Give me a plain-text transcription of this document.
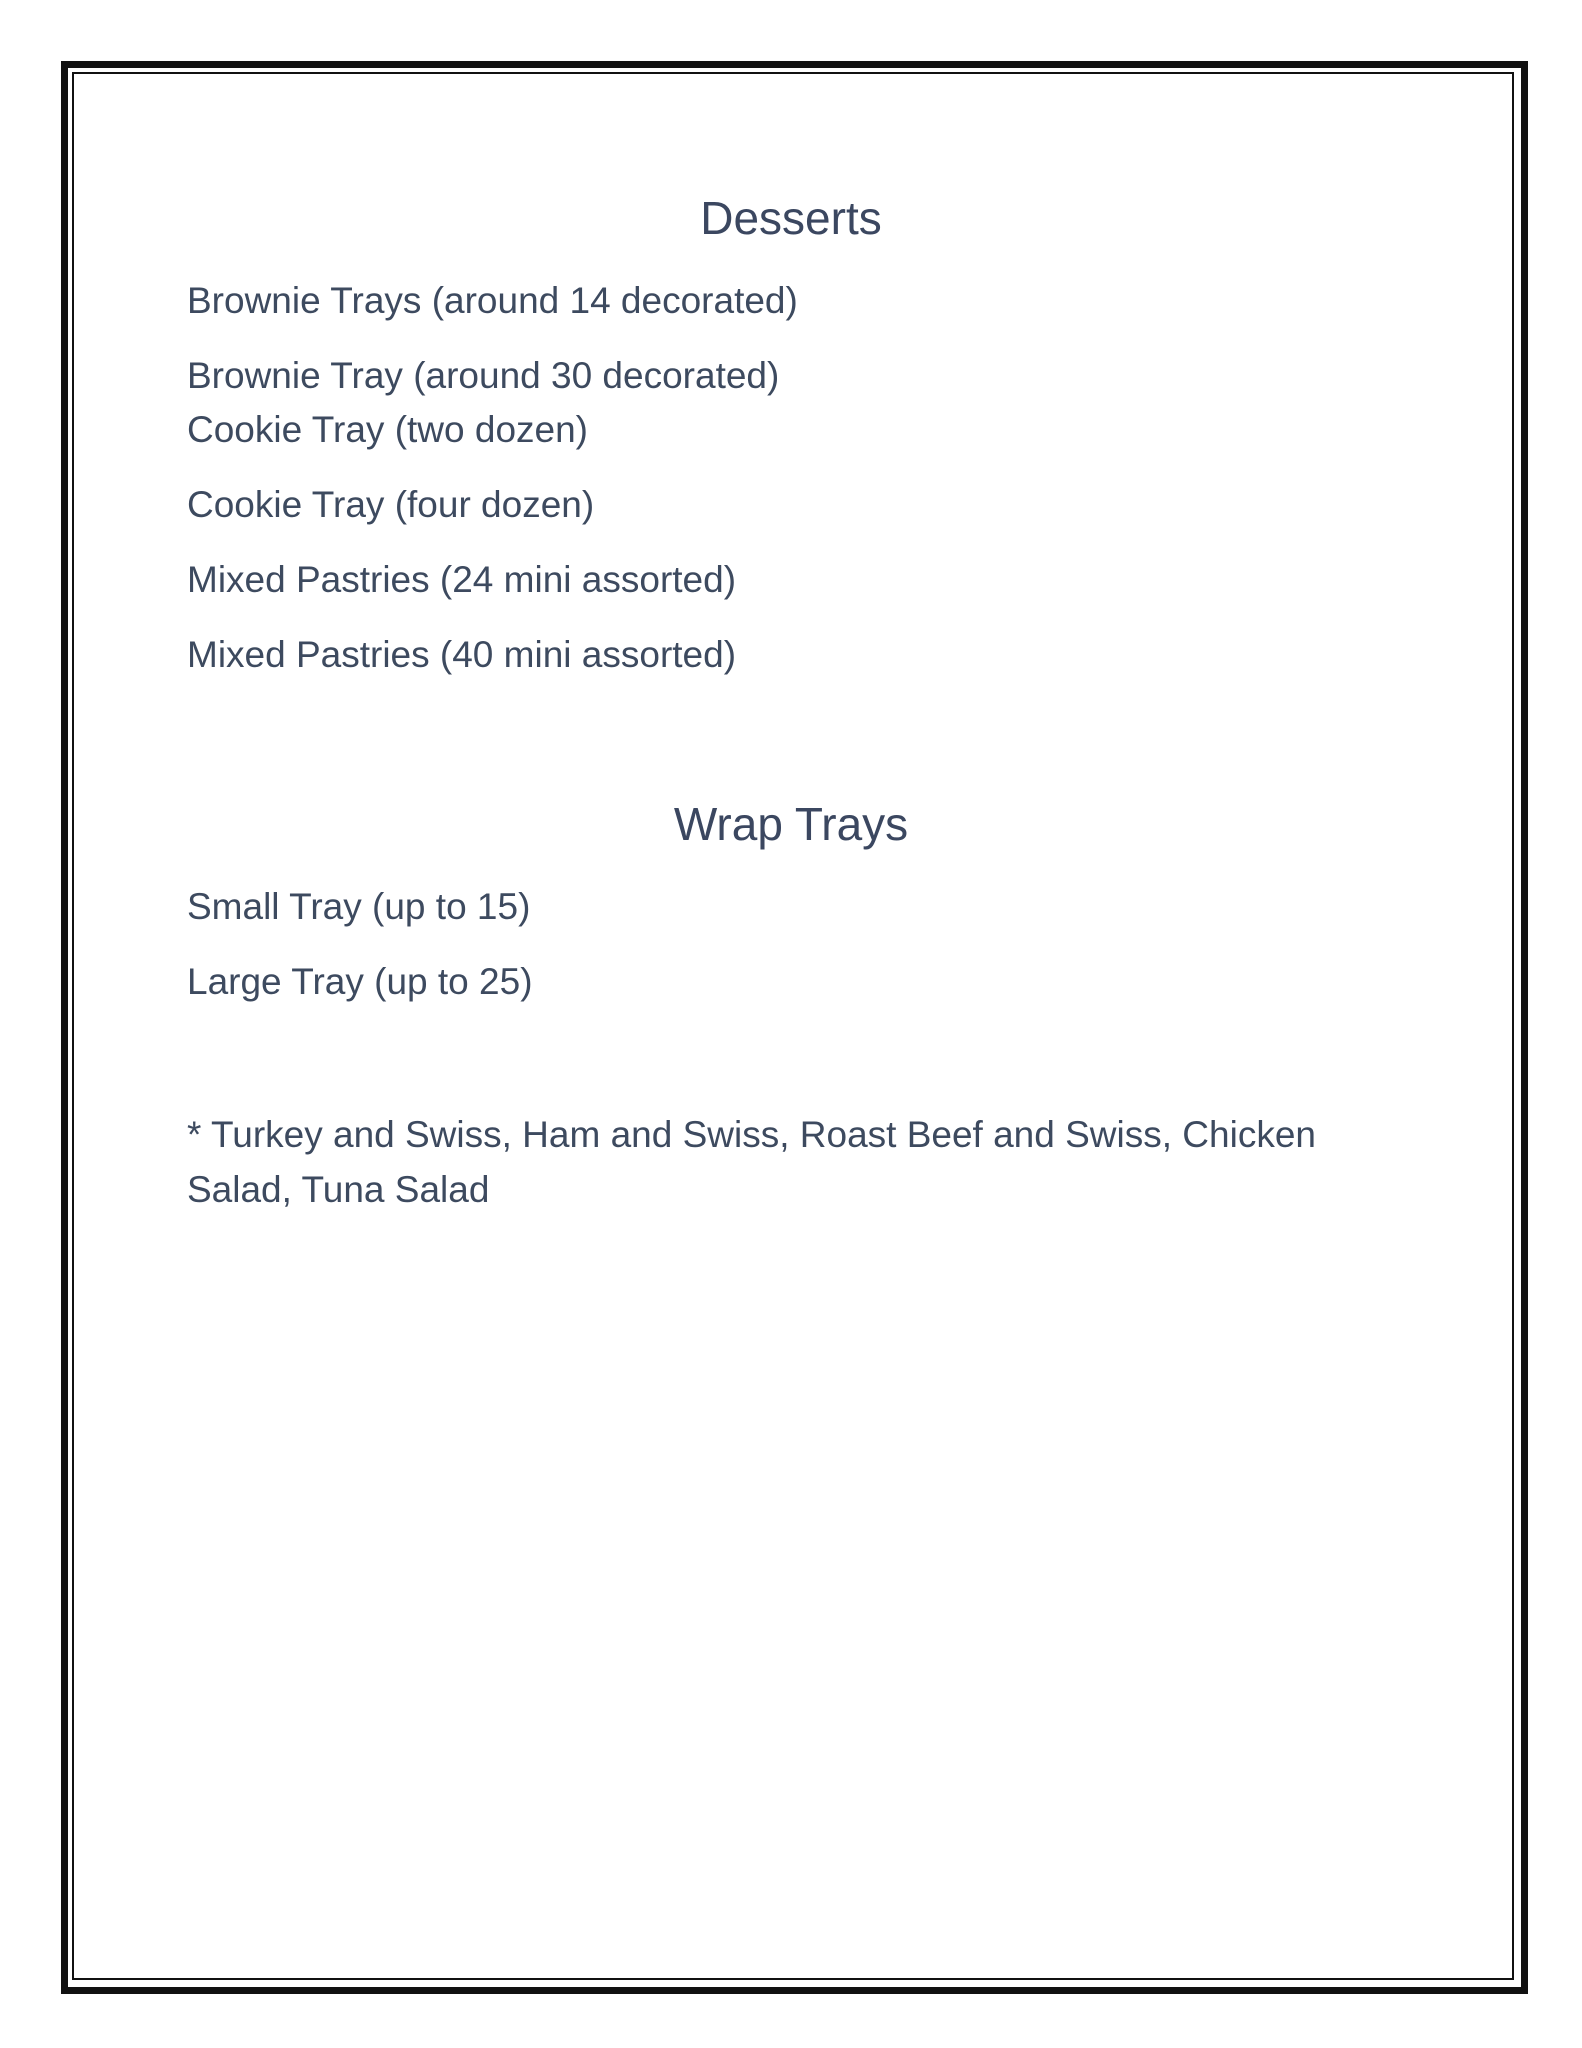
Desserts

Brownie Trays (around 14 decorated)

Brownie Tray (around 30 decorated)

Cookie Tray (two dozen)

Cookie Tray (four dozen)

Mixed Pastries (24 mini assorted)

Mixed Pastries (40 mini assorted)

Wrap Trays

Small Tray (up to 15)

Large Tray (up to 25)

* Turkey and Swiss, Ham and Swiss, Roast Beef and Swiss, Chicken Salad, Tuna Salad
